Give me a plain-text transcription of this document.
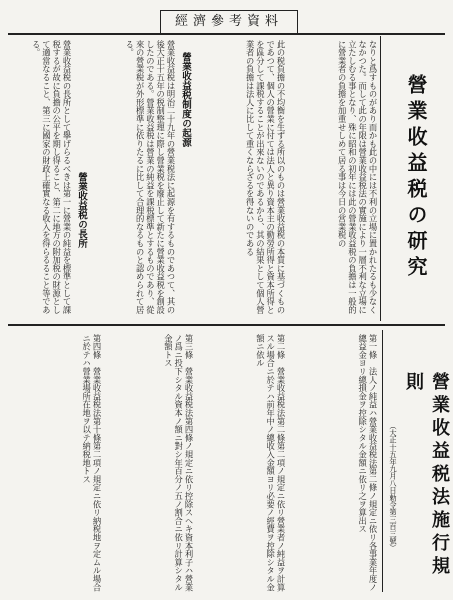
經濟參考資料
營業收益税の研究
なりと爲すものがあり而かも此の中には不利の立場に置かれたるも少なくなかつた。而して此の年限は營業收益税法の實施により一層不利な立場に立たしむる事となり、殊に昭和の初年には此の營業收益税の負擔は一般的に營業者の負擔を加重せしめて居る事は今日の営業税の
此の税負擔の不均衡を生ずる所以のものは營業收益税の本質に基づくものであつて、個人の營業に付ては法人と異り資本主の勤勞所得と資本所得とを區分して課税することが出來ないのであるから、其の結果として個人營業者の負擔は法人に比して重くならざるを得ないのである
營業收益税制度の起源
營業收益税は明治二十九年の營業税法に起源を有するものであつて、其の後大正十五年の税制整理に際し營業税を廢止して新たに營業收益税を創設したのである。營業收益税は營業の純益を課税標準とするものであり、從來の營業税が外形標準に依りたるに比して合理的なるものと認められて居る。
營業收益税の長所
營業收益税の長所として擧げらるべきは第一に營業の純益を標準として課税するが故に負擔の公平を期し得ること、第二に地方の附加税の財源として適當なること、第三に國家の財政上確實なる收入を得らるること等である。
營業收益税法施行規則
（大正十五年九月八日勅令第三百三號）
第一條　法人ノ純益ハ營業收益税法第二條ノ規定ニ依リ各事業年度ノ總益金ヨリ總損金ヲ控除シタル金額ニ依リ之ヲ算出ス
第二條　營業收益税法第二條第二項ノ規定ニ依リ營業者ノ純益ヲ計算スル場合ニ於テハ前年中ノ總收入金額ヨリ必要ノ經費ヲ控除シタル金額ニ依ル
第三條　營業收益税法第四條ノ規定ニ依リ控除スヘキ資本利子ハ營業ノ爲ニ投下シタル資本ノ額ニ對シ年百分ノ五ノ割合ニ依リ計算シタル金額トス
第四條　營業收益税法第十條第二項ノ規定ニ依リ納税地ヲ定ムル場合ニ於テハ營業場所在地ヲ以テ納税地トス
